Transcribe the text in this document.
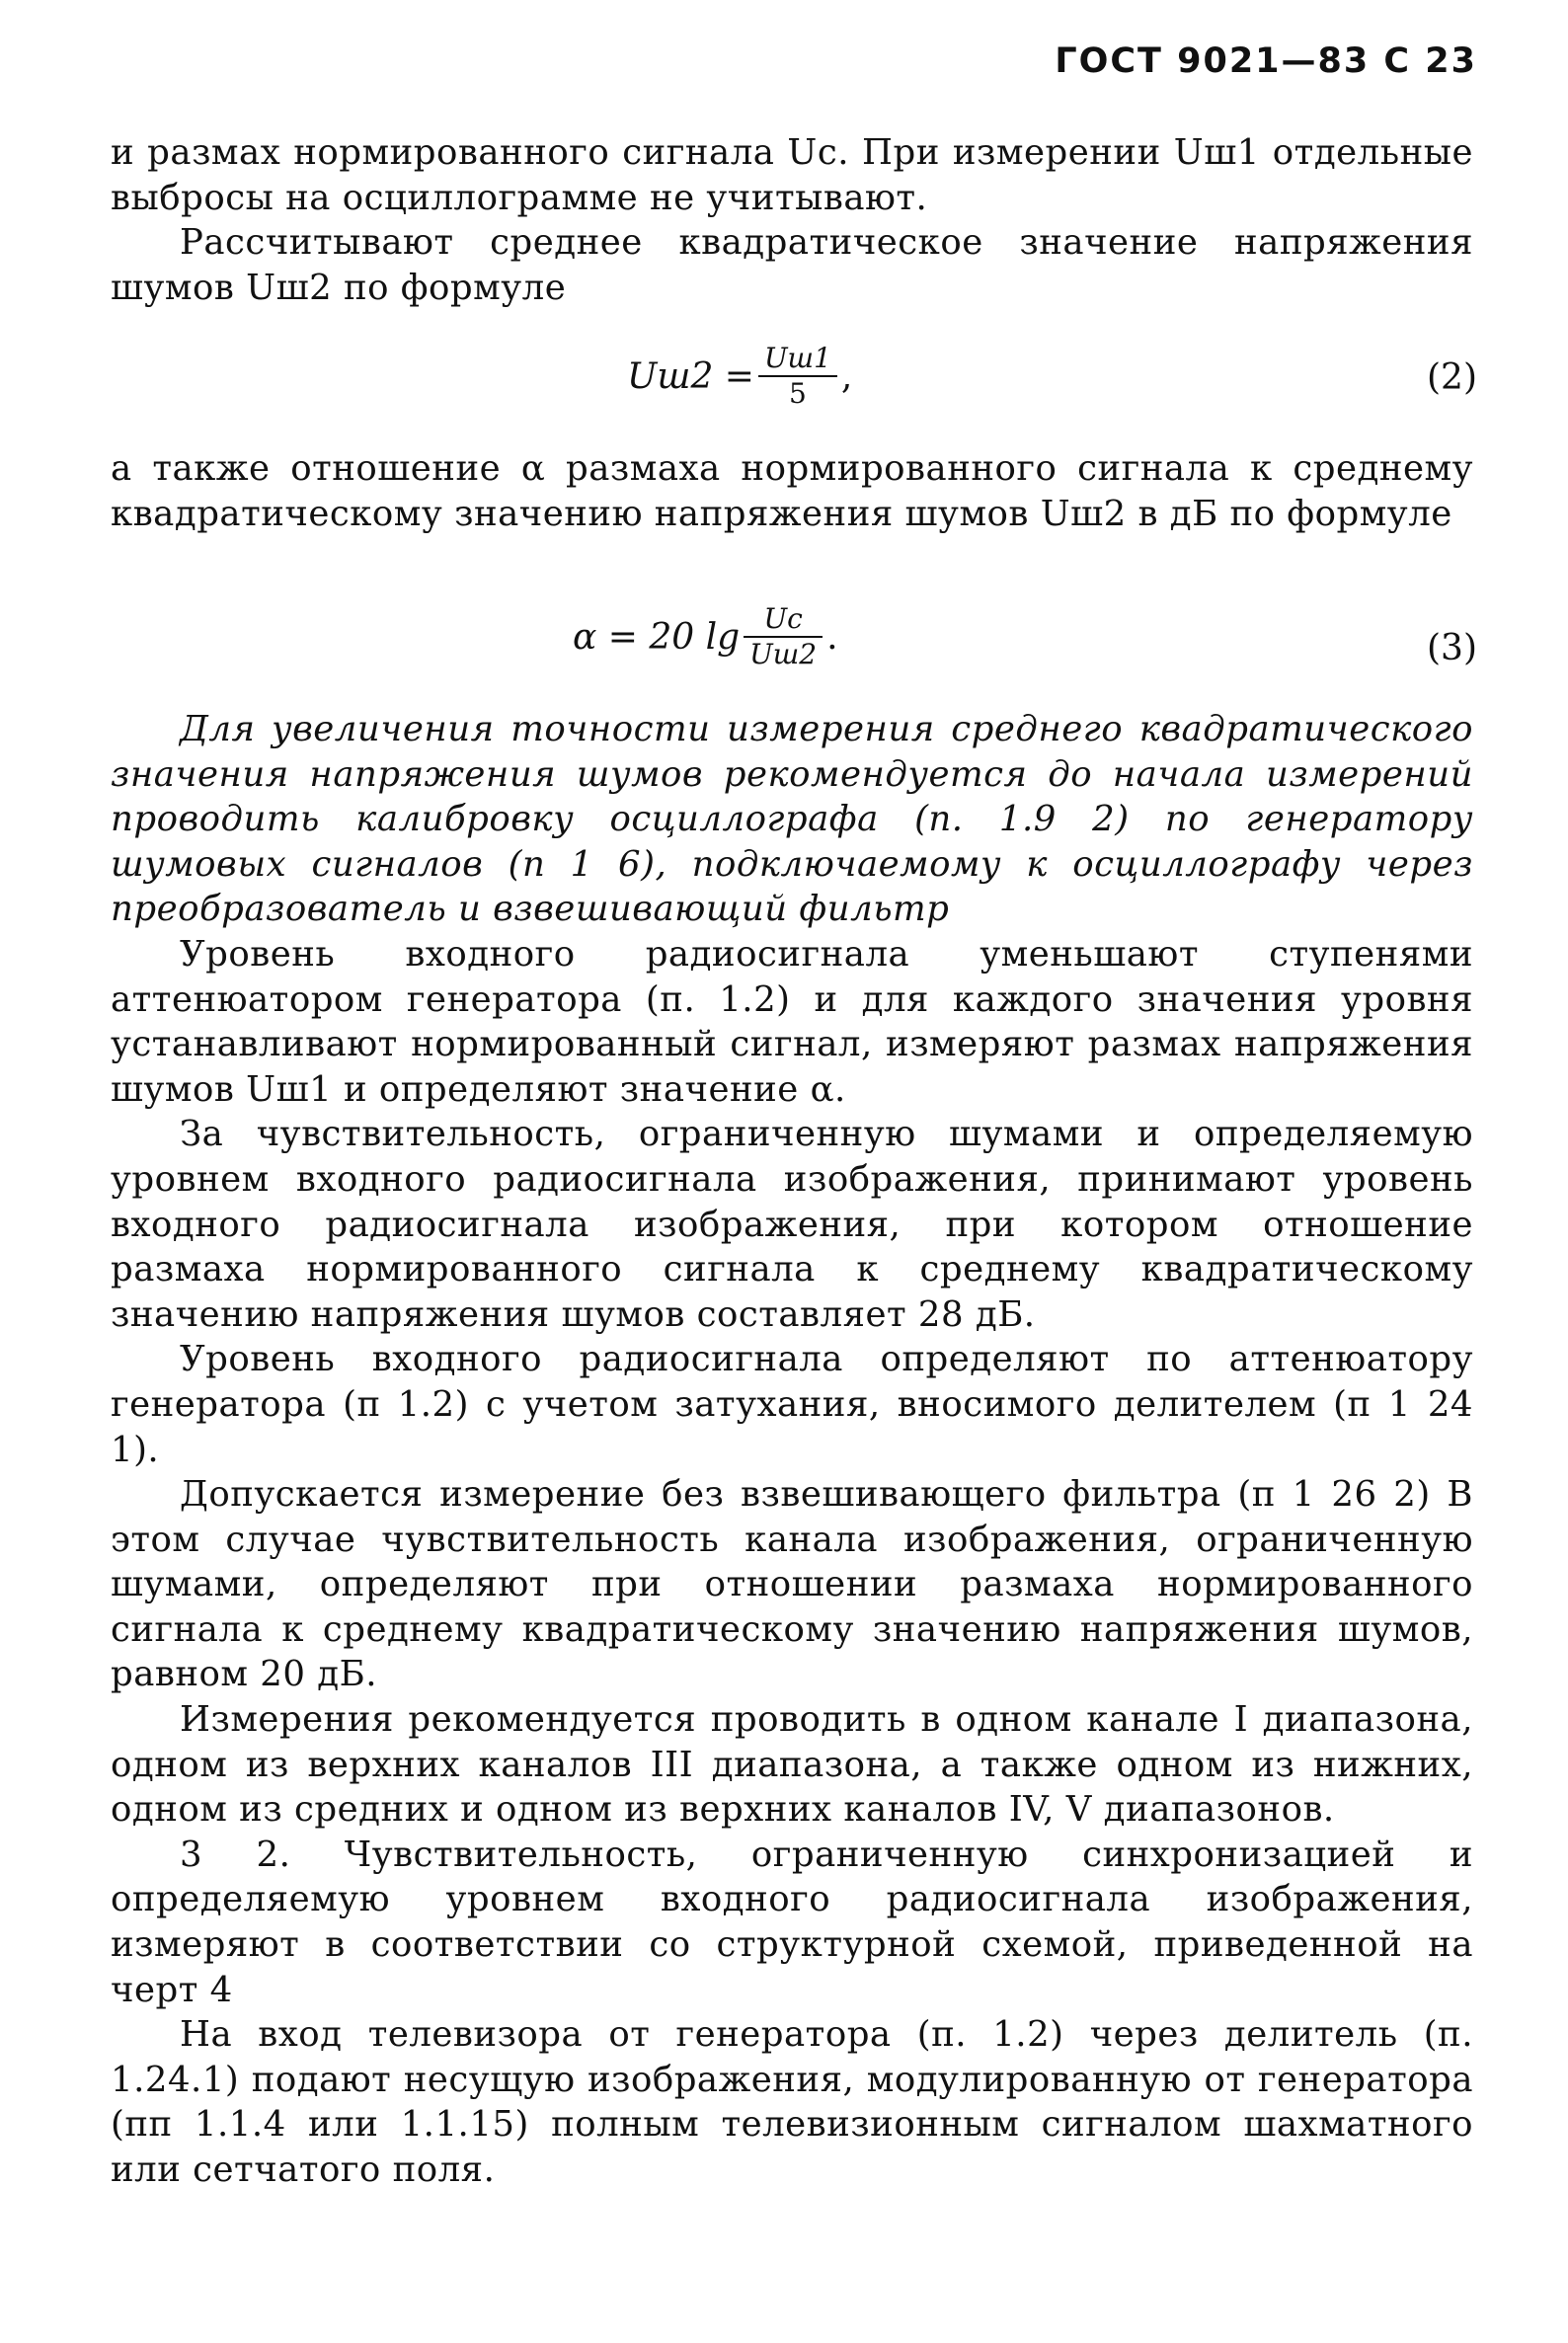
ГОСТ 9021—83 С 23

и размах нормированного сигнала Uс. При измерении Uш1 отдельные выбросы на осциллограмме не учитывают.

Рассчитывают среднее квадратическое значение напряжения шумов Uш2 по формуле

$Uш2 = \frac{Uш1}{5}$ ,	(2)

а также отношение α размаха нормированного сигнала к среднему квадратическому значению напряжения шумов Uш2 в дБ по формуле

α = 20 $\lg \frac{Uс}{Uш2}$ .	(3)

Для увеличения точности измерения среднего квадратического значения напряжения шумов рекомендуется до начала измерений проводить калибровку осциллографа (п. 1.9 2) по генератору шумовых сигналов (п 1 6), подключаемому к осциллографу через преобразователь и взвешивающий фильтр

Уровень входного радиосигнала уменьшают ступенями аттенюатором генератора (п. 1.2) и для каждого значения уровня устанавливают нормированный сигнал, измеряют размах напряжения шумов Uш1 и определяют значение α.

За чувствительность, ограниченную шумами и определяемую уровнем входного радиосигнала изображения, принимают уровень входного радиосигнала изображения, при котором отношение размаха нормированного сигнала к среднему квадратическому значению напряжения шумов составляет 28 дБ.

Уровень входного радиосигнала определяют по аттенюатору генератора (п 1.2) с учетом затухания, вносимого делителем (п 1 24 1).

Допускается измерение без взвешивающего фильтра (п 1 26 2) В этом случае чувствительность канала изображения, ограниченную шумами, определяют при отношении размаха нормированного сигнала к среднему квадратическому значению напряжения шумов, равном 20 дБ.

Измерения рекомендуется проводить в одном канале I диапазона, одном из верхних каналов III диапазона, а также одном из нижних, одном из средних и одном из верхних каналов IV, V диапазонов.

3 2. Чувствительность, ограниченную синхронизацией и определяемую уровнем входного радиосигнала изображения, измеряют в соответствии со структурной схемой, приведенной на черт 4

На вход телевизора от генератора (п. 1.2) через делитель (п. 1.24.1) подают несущую изображения, модулированную от генератора (пп 1.1.4 или 1.1.15) полным телевизионным сигналом шахматного или сетчатого поля.
